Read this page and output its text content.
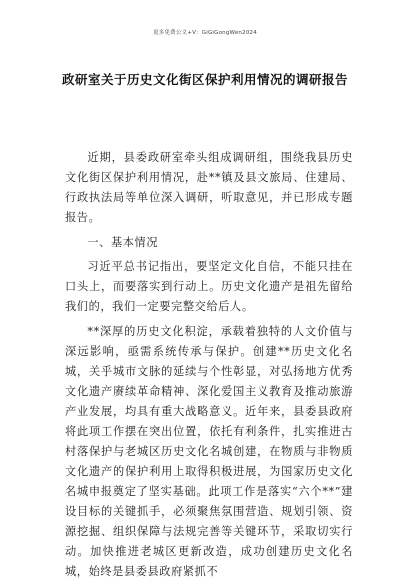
更多免费公文+V：GiGiGongWen2024
政研室关于历史文化街区保护利用情况的调研报告

近期，县委政研室牵头组成调研组，围绕我县历史文化街区保护利用情况，赴**镇及县文旅局、住建局、行政执法局等单位深入调研，听取意见，并已形成专题报告。

一、基本情况

习近平总书记指出，要坚定文化自信，不能只挂在口头上，而要落实到行动上。历史文化遗产是祖先留给我们的，我们一定要完整交给后人。

**深厚的历史文化积淀，承载着独特的人文价值与深远影响，亟需系统传承与保护。创建**历史文化名城，关乎城市文脉的延续与个性彰显，对弘扬地方优秀文化遗产赓续革命精神、深化爱国主义教育及推动旅游产业发展，均具有重大战略意义。近年来，县委县政府将此项工作摆在突出位置，依托有利条件，扎实推进古村落保护与老城区历史文化名城创建，在物质与非物质文化遗产的保护利用上取得积极进展，为国家历史文化名城申报奠定了坚实基础。此项工作是落实“六个**”建设目标的关键抓手，必须聚焦氛围营造、规划引领、资源挖掘、组织保障与法规完善等关键环节，采取切实行动。加快推进老城区更新改造，成功创建历史文化名城，始终是县委县政府紧抓不
